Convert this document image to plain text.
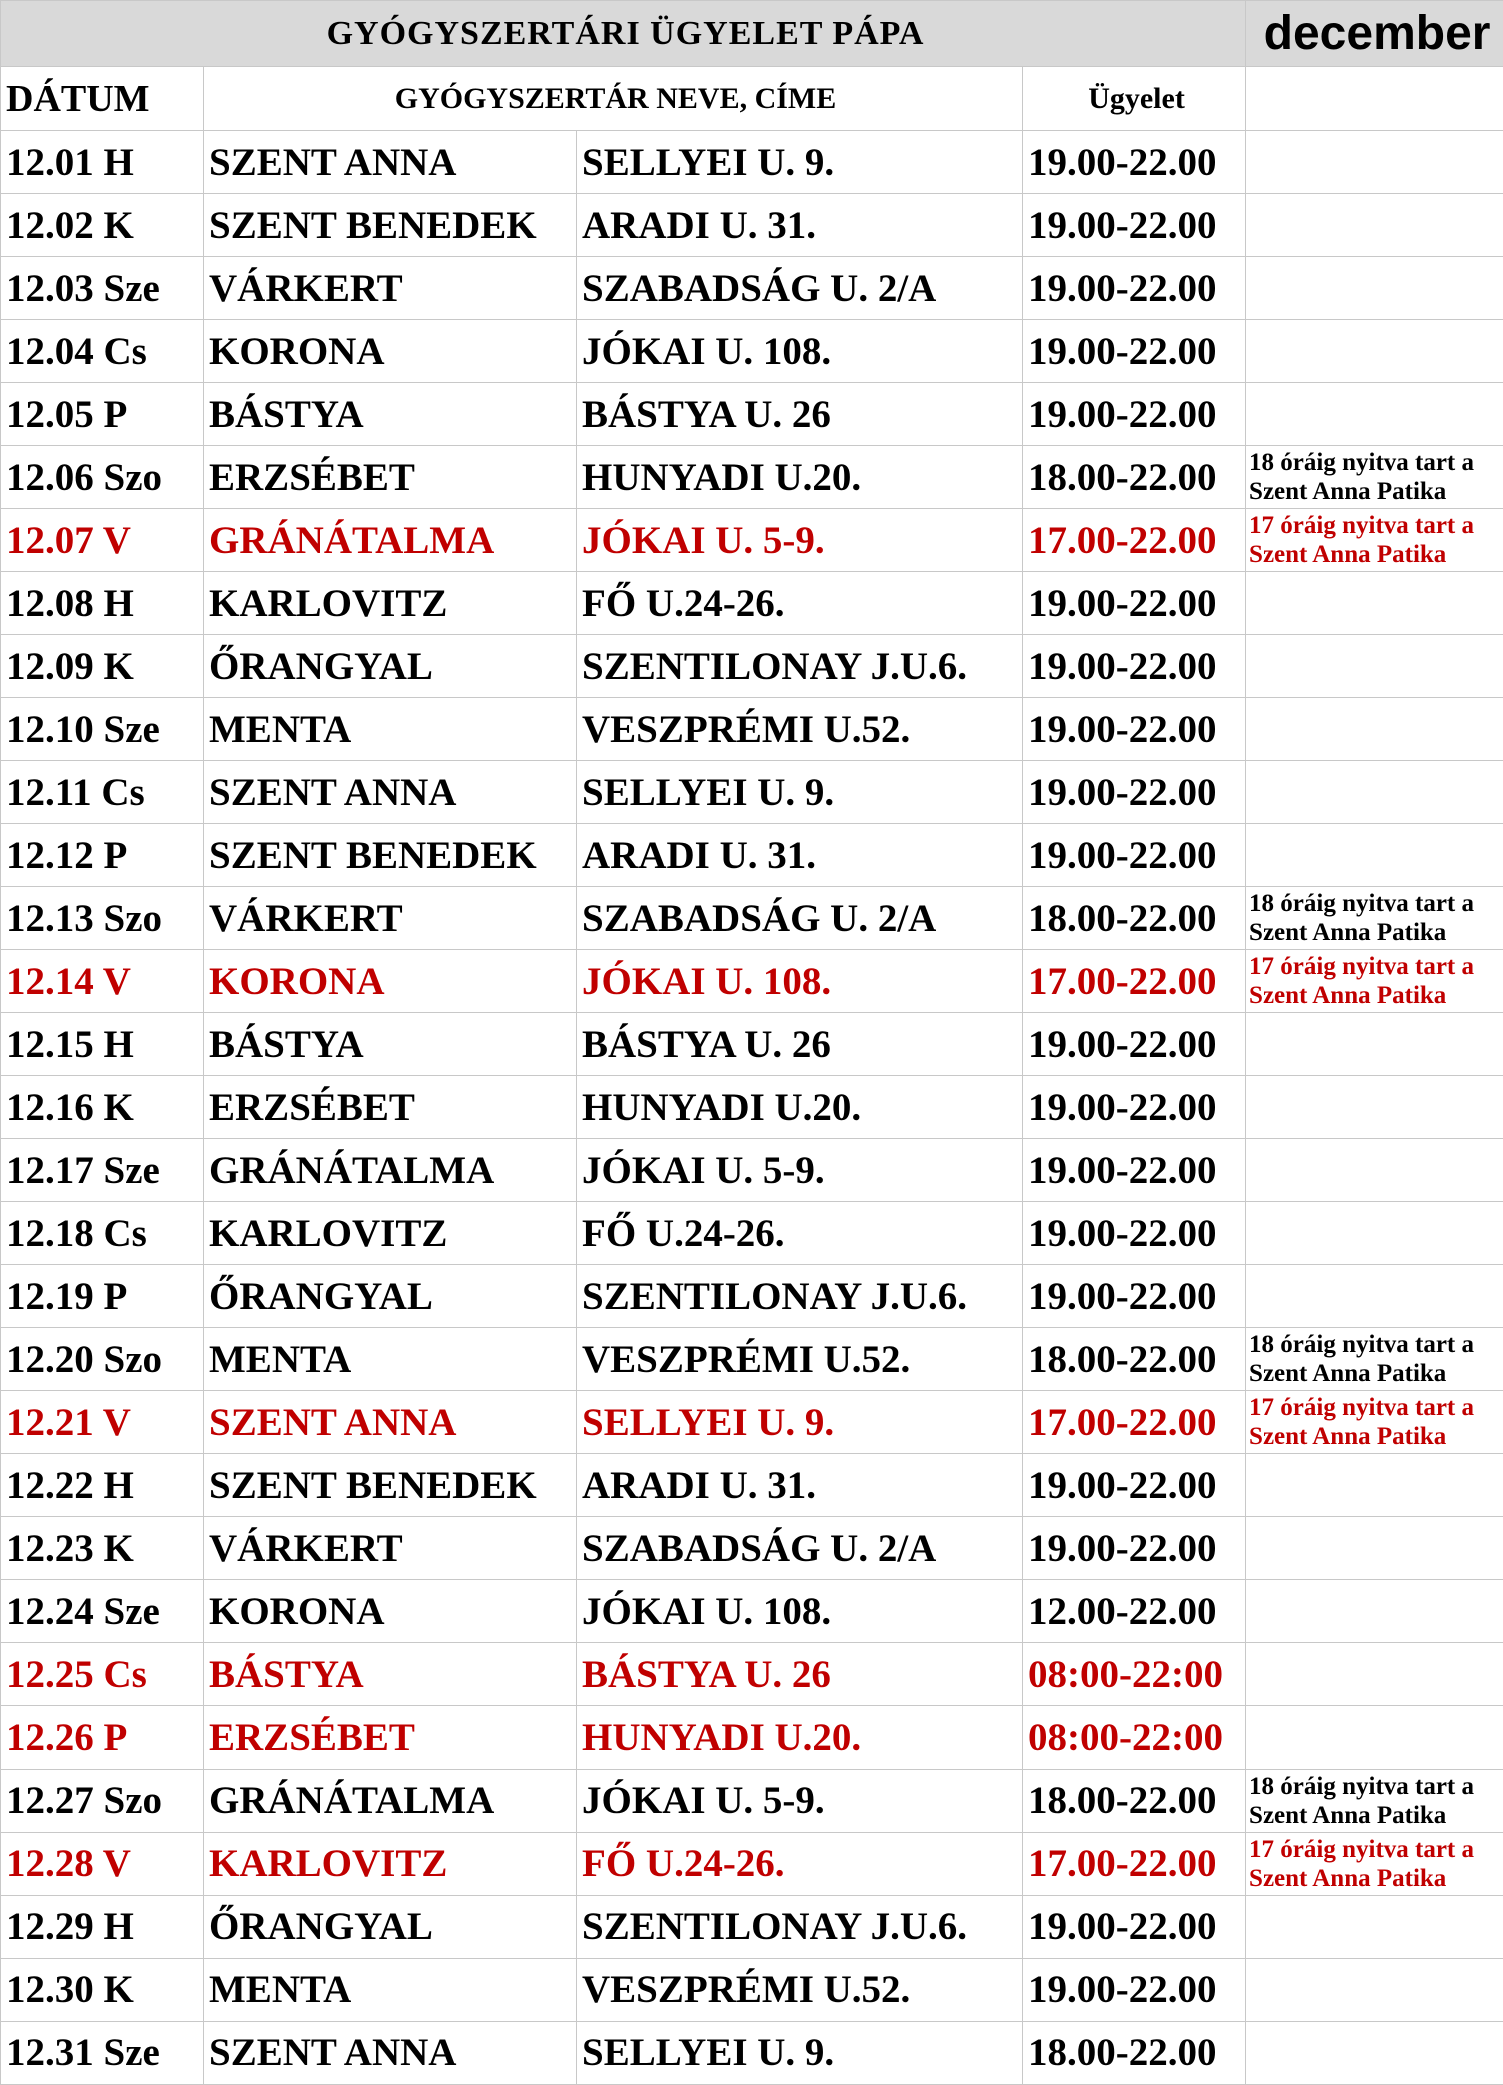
GYÓGYSZERTÁRI ÜGYELET PÁPA				december
DÁTUM	GYÓGYSZERTÁR NEVE, CÍME		Ügyelet	
12.01 H	SZENT ANNA	SELLYEI U. 9.	19.00-22.00	

12.02 K	SZENT BENEDEK	ARADI U. 31.	19.00-22.00	

12.03 Sze	VÁRKERT	SZABADSÁG U. 2/A	19.00-22.00	

12.04 Cs	KORONA	JÓKAI U. 108.	19.00-22.00	

12.05 P	BÁSTYA	BÁSTYA U. 26	19.00-22.00	

12.06 Szo	ERZSÉBET	HUNYADI U.20.	18.00-22.00	18 óráig nyitva tart a
Szent Anna Patika

12.07 V	GRÁNÁTALMA	JÓKAI U. 5-9.	17.00-22.00	17 óráig nyitva tart a
Szent Anna Patika

12.08 H	KARLOVITZ	FŐ U.24-26.	19.00-22.00	

12.09 K	ŐRANGYAL	SZENTILONAY J.U.6.	19.00-22.00	

12.10 Sze	MENTA	VESZPRÉMI U.52.	19.00-22.00	

12.11 Cs	SZENT ANNA	SELLYEI U. 9.	19.00-22.00	

12.12 P	SZENT BENEDEK	ARADI U. 31.	19.00-22.00	

12.13 Szo	VÁRKERT	SZABADSÁG U. 2/A	18.00-22.00	18 óráig nyitva tart a
Szent Anna Patika

12.14 V	KORONA	JÓKAI U. 108.	17.00-22.00	17 óráig nyitva tart a
Szent Anna Patika

12.15 H	BÁSTYA	BÁSTYA U. 26	19.00-22.00	

12.16 K	ERZSÉBET	HUNYADI U.20.	19.00-22.00	

12.17 Sze	GRÁNÁTALMA	JÓKAI U. 5-9.	19.00-22.00	

12.18 Cs	KARLOVITZ	FŐ U.24-26.	19.00-22.00	

12.19 P	ŐRANGYAL	SZENTILONAY J.U.6.	19.00-22.00	

12.20 Szo	MENTA	VESZPRÉMI U.52.	18.00-22.00	18 óráig nyitva tart a
Szent Anna Patika

12.21 V	SZENT ANNA	SELLYEI U. 9.	17.00-22.00	17 óráig nyitva tart a
Szent Anna Patika

12.22 H	SZENT BENEDEK	ARADI U. 31.	19.00-22.00	

12.23 K	VÁRKERT	SZABADSÁG U. 2/A	19.00-22.00	

12.24 Sze	KORONA	JÓKAI U. 108.	12.00-22.00	

12.25 Cs	BÁSTYA	BÁSTYA U. 26	08:00-22:00	

12.26 P	ERZSÉBET	HUNYADI U.20.	08:00-22:00	

12.27 Szo	GRÁNÁTALMA	JÓKAI U. 5-9.	18.00-22.00	18 óráig nyitva tart a
Szent Anna Patika

12.28 V	KARLOVITZ	FŐ U.24-26.	17.00-22.00	17 óráig nyitva tart a
Szent Anna Patika

12.29 H	ŐRANGYAL	SZENTILONAY J.U.6.	19.00-22.00	

12.30 K	MENTA	VESZPRÉMI U.52.	19.00-22.00	

12.31 Sze	SZENT ANNA	SELLYEI U. 9.	18.00-22.00	
